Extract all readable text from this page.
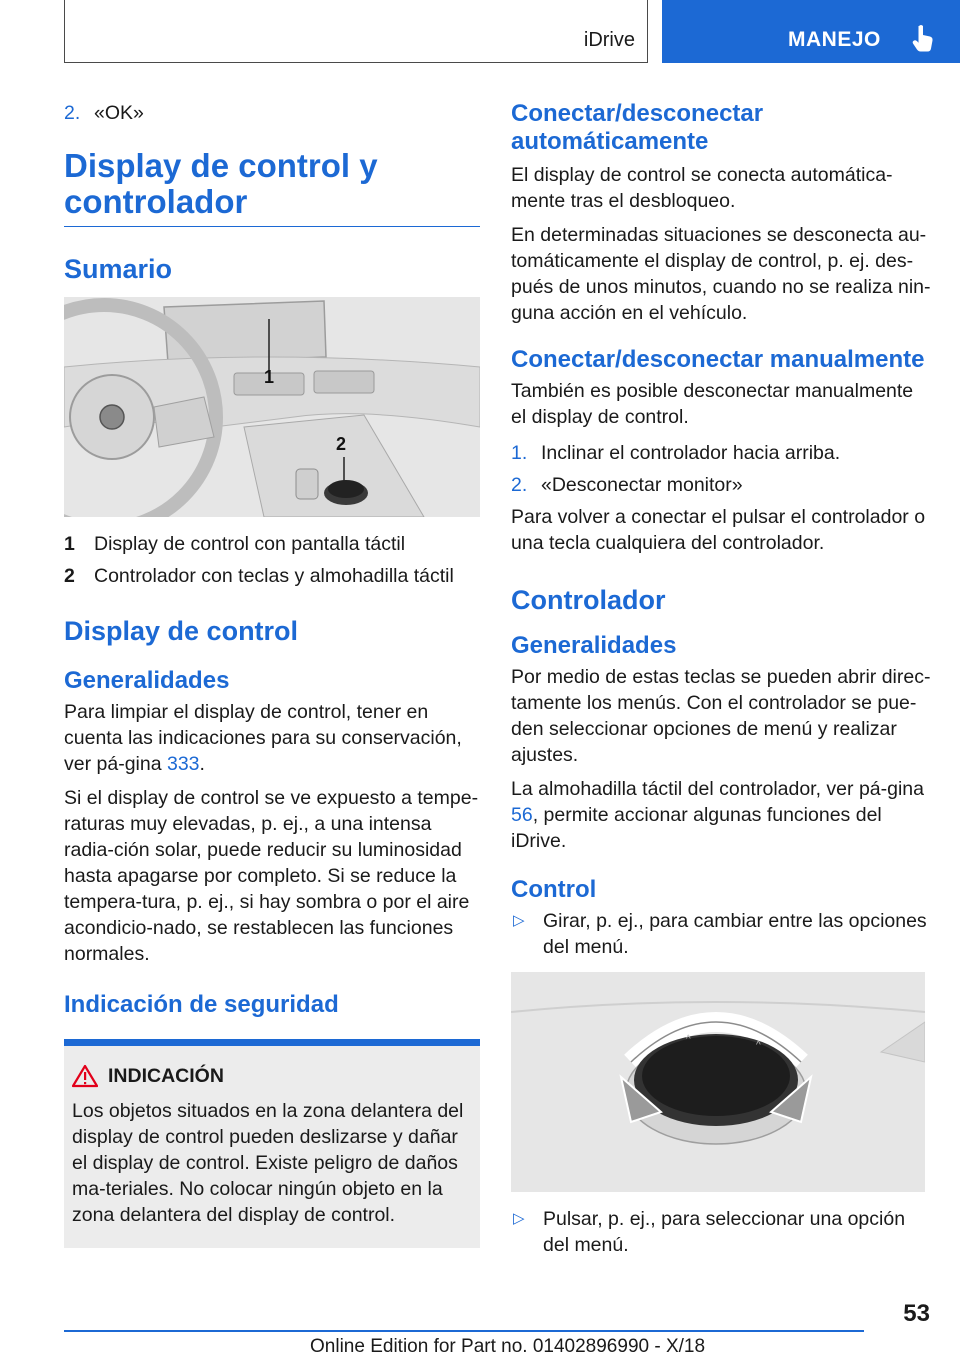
iDrive	MANEJO
2. «OK»
Display de control y controlador
Sumario
1
2
1 Display de control con pantalla táctil
2 Controlador con teclas y almohadilla táctil
Display de control
Generalidades

Para limpiar el display de control, tener en cuenta las indicaciones para su conservación, ver pá‐gina 333.

Si el display de control se ve expuesto a tempe‐raturas muy elevadas, p. ej., a una intensa radia‐ción solar, puede reducir su luminosidad hasta apagarse por completo. Si se reduce la tempera‐tura, p. ej., si hay sombra o por el aire acondicio‐nado, se restablecen las funciones normales.

Indicación de seguridad
INDICACIÓN

Los objetos situados en la zona delantera del display de control pueden deslizarse y dañar el display de control. Existe peligro de daños ma‐teriales. No colocar ningún objeto en la zona delantera del display de control.

Conectar/desconectar automáticamente

El display de control se conecta automática‐mente tras el desbloqueo.

En determinadas situaciones se desconecta au‐tomáticamente el display de control, p. ej. des‐pués de unos minutos, cuando no se realiza nin‐guna acción en el vehículo.

Conectar/desconectar manualmente

También es posible desconectar manualmente el display de control.

1. Inclinar el controlador hacia arriba.
2. «Desconectar monitor»

Para volver a conectar el pulsar el controlador o una tecla cualquiera del controlador.

Controlador
Generalidades

Por medio de estas teclas se pueden abrir direc‐tamente los menús. Con el controlador se pue‐den seleccionar opciones de menú y realizar ajustes.

La almohadilla táctil del controlador, ver pá‐gina 56, permite accionar algunas funciones del iDrive.

Control
▷ Girar, p. ej., para cambiar entre las opciones del menú.
^
^
▷ Pulsar, p. ej., para seleccionar una opción del menú.
53
Online Edition for Part no. 01402896990 - X/18
